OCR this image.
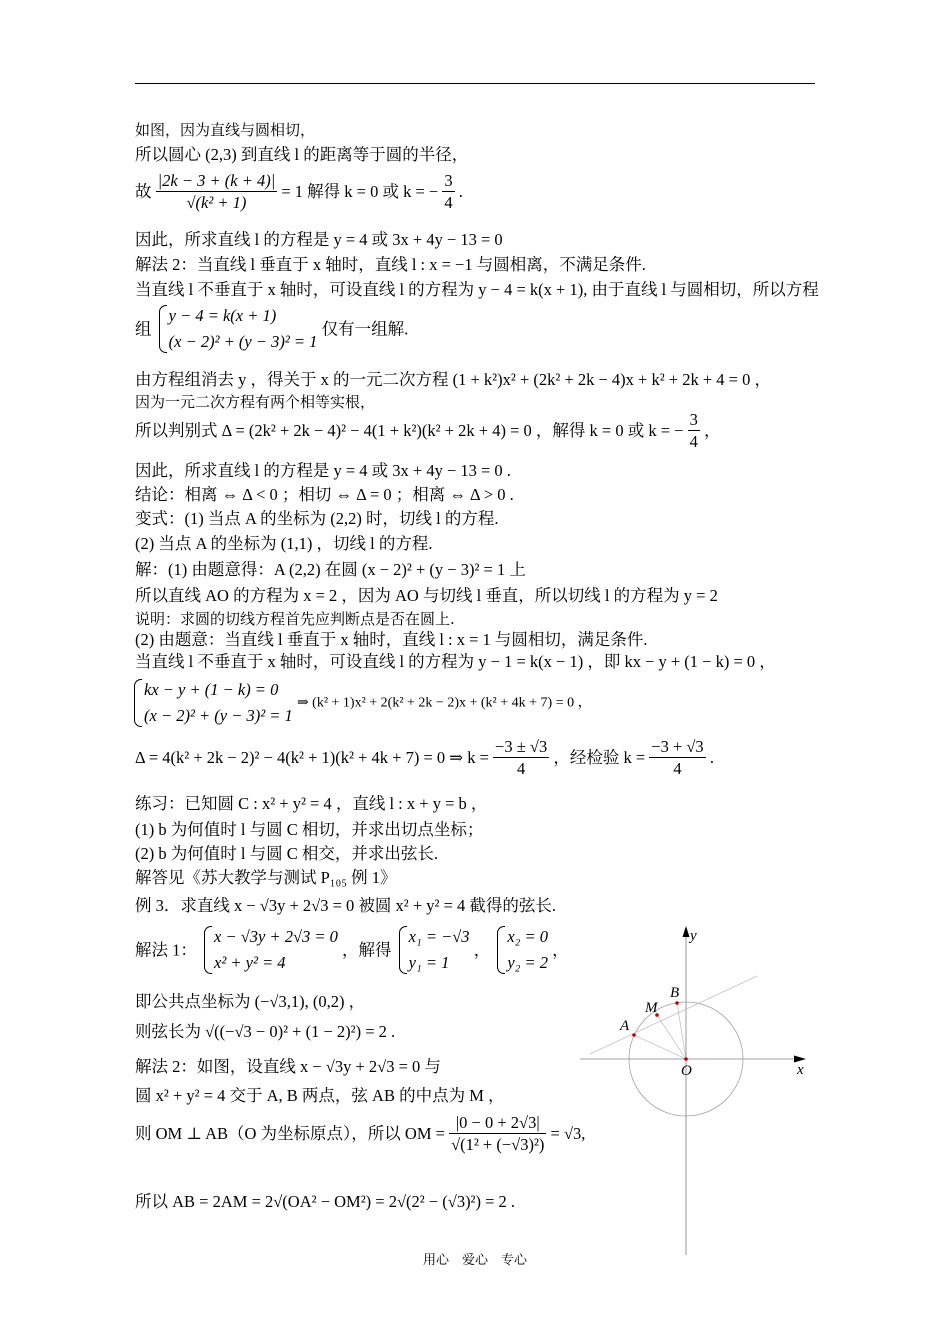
如图，因为直线与圆相切，
所以圆心 (2,3) 到直线 l 的距离等于圆的半径，
故 $\frac{|2k - 3 + (k + 4)|}{\text{√(k² + 1)}} = 1$ 解得 k = 0 或 k = − $\frac{3}{4}$ .
因此，所求直线 l 的方程是 y = 4 或 3x + 4y − 13 = 0
解法 2：当直线 l 垂直于 x 轴时，直线 l : x = −1 与圆相离，不满足条件.
当直线 l 不垂直于 x 轴时，可设直线 l 的方程为 y − 4 = k(x + 1), 由于直线 l 与圆相切，所以方程
组
y − 4 = k(x + 1)
(x − 2)² + (y − 3)² = 1
仅有一组解.
由方程组消去 y ，得关于 x 的一元二次方程 (1 + k²)x² + (2k² + 2k − 4)x + k² + 2k + 4 = 0 ，
因为一元二次方程有两个相等实根，
所以判别式 Δ = (2k² + 2k − 4)² − 4(1 + k²)(k² + 2k + 4) = 0 ，解得 k = 0 或 k = − $\frac{3}{4}$ ，
因此，所求直线 l 的方程是 y = 4 或 3x + 4y − 13 = 0 .
结论：相离 ⇔ Δ < 0 ；相切 ⇔ Δ = 0 ；相离 ⇔ Δ > 0 .
变式：(1) 当点 A 的坐标为 (2,2) 时，切线 l 的方程.
(2) 当点 A 的坐标为 (1,1) ，切线 l 的方程.
解：(1) 由题意得：A (2,2) 在圆 (x − 2)² + (y − 3)² = 1 上
所以直线 AO 的方程为 x = 2 ，因为 AO 与切线 l 垂直，所以切线 l 的方程为 y = 2
说明：求圆的切线方程首先应判断点是否在圆上.
(2) 由题意：当直线 l 垂直于 x 轴时，直线 l : x = 1 与圆相切，满足条件.
当直线 l 不垂直于 x 轴时，可设直线 l 的方程为 y − 1 = k(x − 1) ，即 kx − y + (1 − k) = 0 ，
kx − y + (1 − k) = 0
(x − 2)² + (y − 3)² = 1
⇒ (k² + 1)x² + 2(k² + 2k − 2)x + (k² + 4k + 7) = 0 ，
Δ = 4(k² + 2k − 2)² − 4(k² + 1)(k² + 4k + 7) = 0 ⇒ $k = \frac{-3 \pm √3}{4}$ ，经检验 $k = \frac{-3 + √3}{4}$ .
练习：已知圆 C : x² + y² = 4 ，直线 l : x + y = b ，
(1) b 为何值时 l 与圆 C 相切，并求出切点坐标；
(2) b 为何值时 l 与圆 C 相交，并求出弦长.
解答见《苏大教学与测试 P₁₀₅ 例 1》
例 3．求直线 x − √3y + 2√3 = 0 被圆 x² + y² = 4 截得的弦长.
解法 1：
x − √3y + 2√3 = 0
x² + y² = 4
，解得
x₁ = −√3
y₁ = 1
，
x₂ = 0
y₂ = 2
，
即公共点坐标为 (−√3,1), (0,2) ，
则弦长为 √((−√3 − 0)² + (1 − 2)²) = 2 .
解法 2：如图，设直线 x − √3y + 2√3 = 0 与
圆 x² + y² = 4 交于 A, B 两点，弦 AB 的中点为 M ，
则 OM ⊥ AB（O 为坐标原点），所以 OM = $\frac{|0 - 0 + 2√3|}{\text{√(1² + (−√3)²)}} = √3$,
所以 AB = 2AM = 2√(OA² − OM²) = 2√(2² − (√3)²) = 2 .
y
x
O
A
B
M
用心　爱心　专心
